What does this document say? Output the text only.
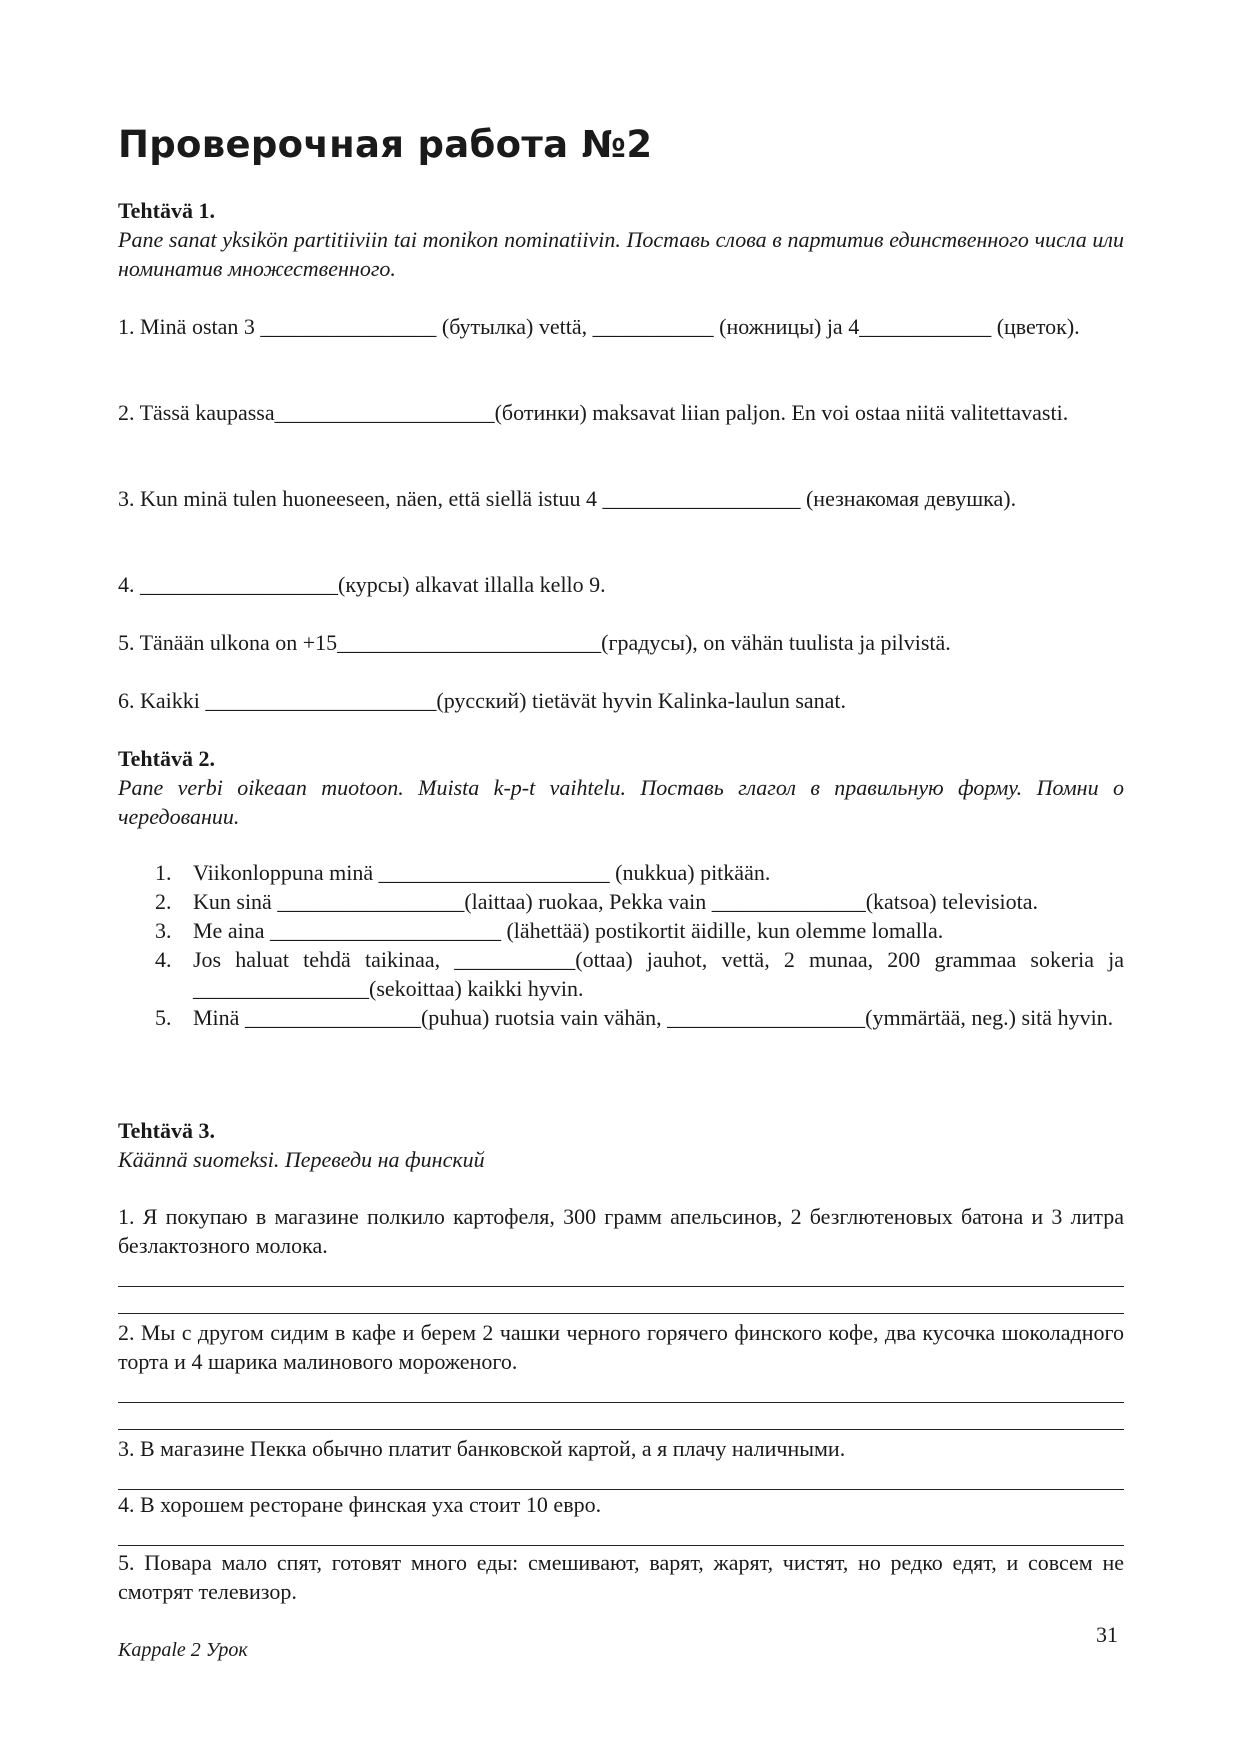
Проверочная работа №2

Tehtävä 1.

Pane sanat yksikön partitiiviin tai monikon nominatiivin. Поставь слова в партитив единственного числа или номинатив множественного.

1. Minä ostan 3 ________________ (бутылка) vettä, ___________ (ножницы) ja 4____________ (цветок).

2. Tässä kaupassa____________________(ботинки) maksavat liian paljon. En voi ostaa niitä valitettavasti.

3. Kun minä tulen huoneeseen, näen, että siellä istuu 4 __________________ (незнакомая девушка).

4. __________________(курсы) alkavat illalla kello 9.

5. Tänään ulkona on +15________________________(градусы), on vähän tuulista ja pilvistä.

6. Kaikki _____________________(русский) tietävät hyvin Kalinka-laulun sanat.

Tehtävä 2.

Pane verbi oikeaan muotoon. Muista k-p-t vaihtelu. Поставь глагол в правильную форму. Помни о чередовании.

1. Viikonloppuna minä _____________________ (nukkua) pitkään.
2. Kun sinä _________________(laittaa) ruokaa, Pekka vain ______________(katsoa) televisiota.
3. Me aina _____________________ (lähettää) postikortit äidille, kun olemme lomalla.
4. Jos haluat tehdä taikinaa, ___________(ottaa) jauhot, vettä, 2 munaa, 200 grammaa sokeria ja ________________(sekoittaa) kaikki hyvin.
5. Minä ________________(puhua) ruotsia vain vähän, __________________(ymmärtää, neg.) sitä hyvin.

Tehtävä 3.

Käännä suomeksi. Переведи на финский

1. Я покупаю в магазине полкило картофеля, 300 грамм апельсинов, 2 безглютеновых батона и 3 литра безлактозного молока.

2. Мы с другом сидим в кафе и берем 2 чашки черного горячего финского кофе, два кусочка шоколадного торта и 4 шарика малинового мороженого.

3. В магазине Пекка обычно платит банковской картой, а я плачу наличными.

4. В хорошем ресторане финская уха стоит 10 евро.

5. Повара мало спят, готовят много еды: смешивают, варят, жарят, чистят, но редко едят, и совсем не смотрят телевизор.

Kappale 2 Урок
31
